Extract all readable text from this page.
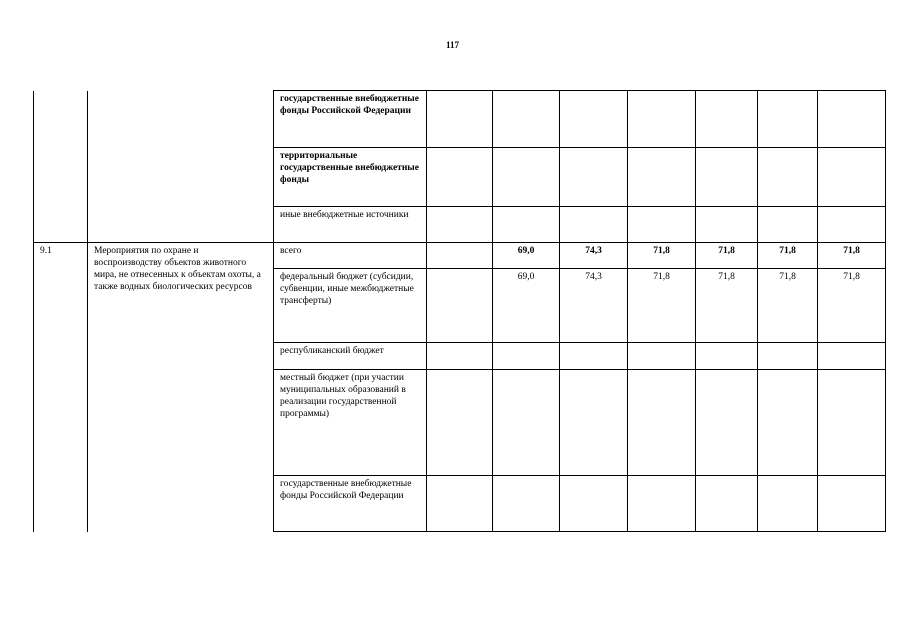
117
		государственные внебюджетные фонды Российской Федерации							
		территориальные государственные внебюджетные фонды							
		иные внебюджетные источники							
9.1	Мероприятия по охране и воспроизводству объектов животного мира, не отнесенных к объектам охоты, а также водных биологических ресурсов	всего		69,0	74,3	71,8	71,8	71,8	71,8
		федеральный бюджет (субсидии, субвенции, иные межбюджетные трансферты)		69,0	74,3	71,8	71,8	71,8	71,8
		республиканский бюджет							
		местный бюджет (при участии муниципальных образований в реализации государственной программы)							
		государственные внебюджетные фонды Российской Федерации							
